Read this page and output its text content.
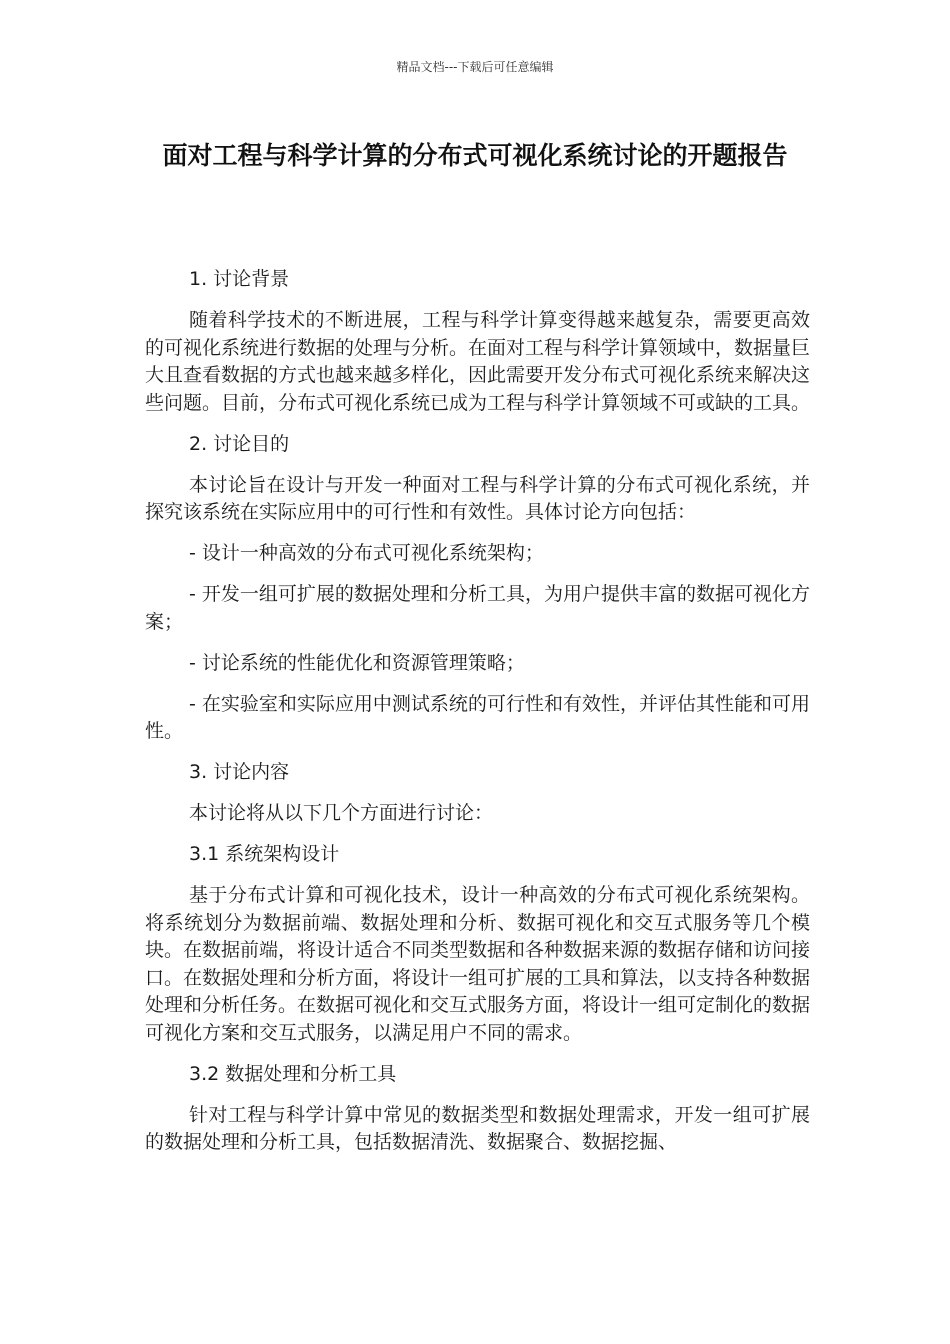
精品文档---下载后可任意编辑
面对工程与科学计算的分布式可视化系统讨论的开题报告

1. 讨论背景

随着科学技术的不断进展，工程与科学计算变得越来越复杂，需要更高效的可视化系统进行数据的处理与分析。在面对工程与科学计算领域中，数据量巨大且查看数据的方式也越来越多样化，因此需要开发分布式可视化系统来解决这些问题。目前，分布式可视化系统已成为工程与科学计算领域不可或缺的工具。

2. 讨论目的

本讨论旨在设计与开发一种面对工程与科学计算的分布式可视化系统，并探究该系统在实际应用中的可行性和有效性。具体讨论方向包括：

- 设计一种高效的分布式可视化系统架构；

- 开发一组可扩展的数据处理和分析工具，为用户提供丰富的数据可视化方案；

- 讨论系统的性能优化和资源管理策略；

- 在实验室和实际应用中测试系统的可行性和有效性，并评估其性能和可用性。

3. 讨论内容

本讨论将从以下几个方面进行讨论：

3.1 系统架构设计

基于分布式计算和可视化技术，设计一种高效的分布式可视化系统架构。将系统划分为数据前端、数据处理和分析、数据可视化和交互式服务等几个模块。在数据前端，将设计适合不同类型数据和各种数据来源的数据存储和访问接口。在数据处理和分析方面，将设计一组可扩展的工具和算法，以支持各种数据处理和分析任务。在数据可视化和交互式服务方面，将设计一组可定制化的数据可视化方案和交互式服务，以满足用户不同的需求。

3.2 数据处理和分析工具

针对工程与科学计算中常见的数据类型和数据处理需求，开发一组可扩展的数据处理和分析工具，包括数据清洗、数据聚合、数据挖掘、
